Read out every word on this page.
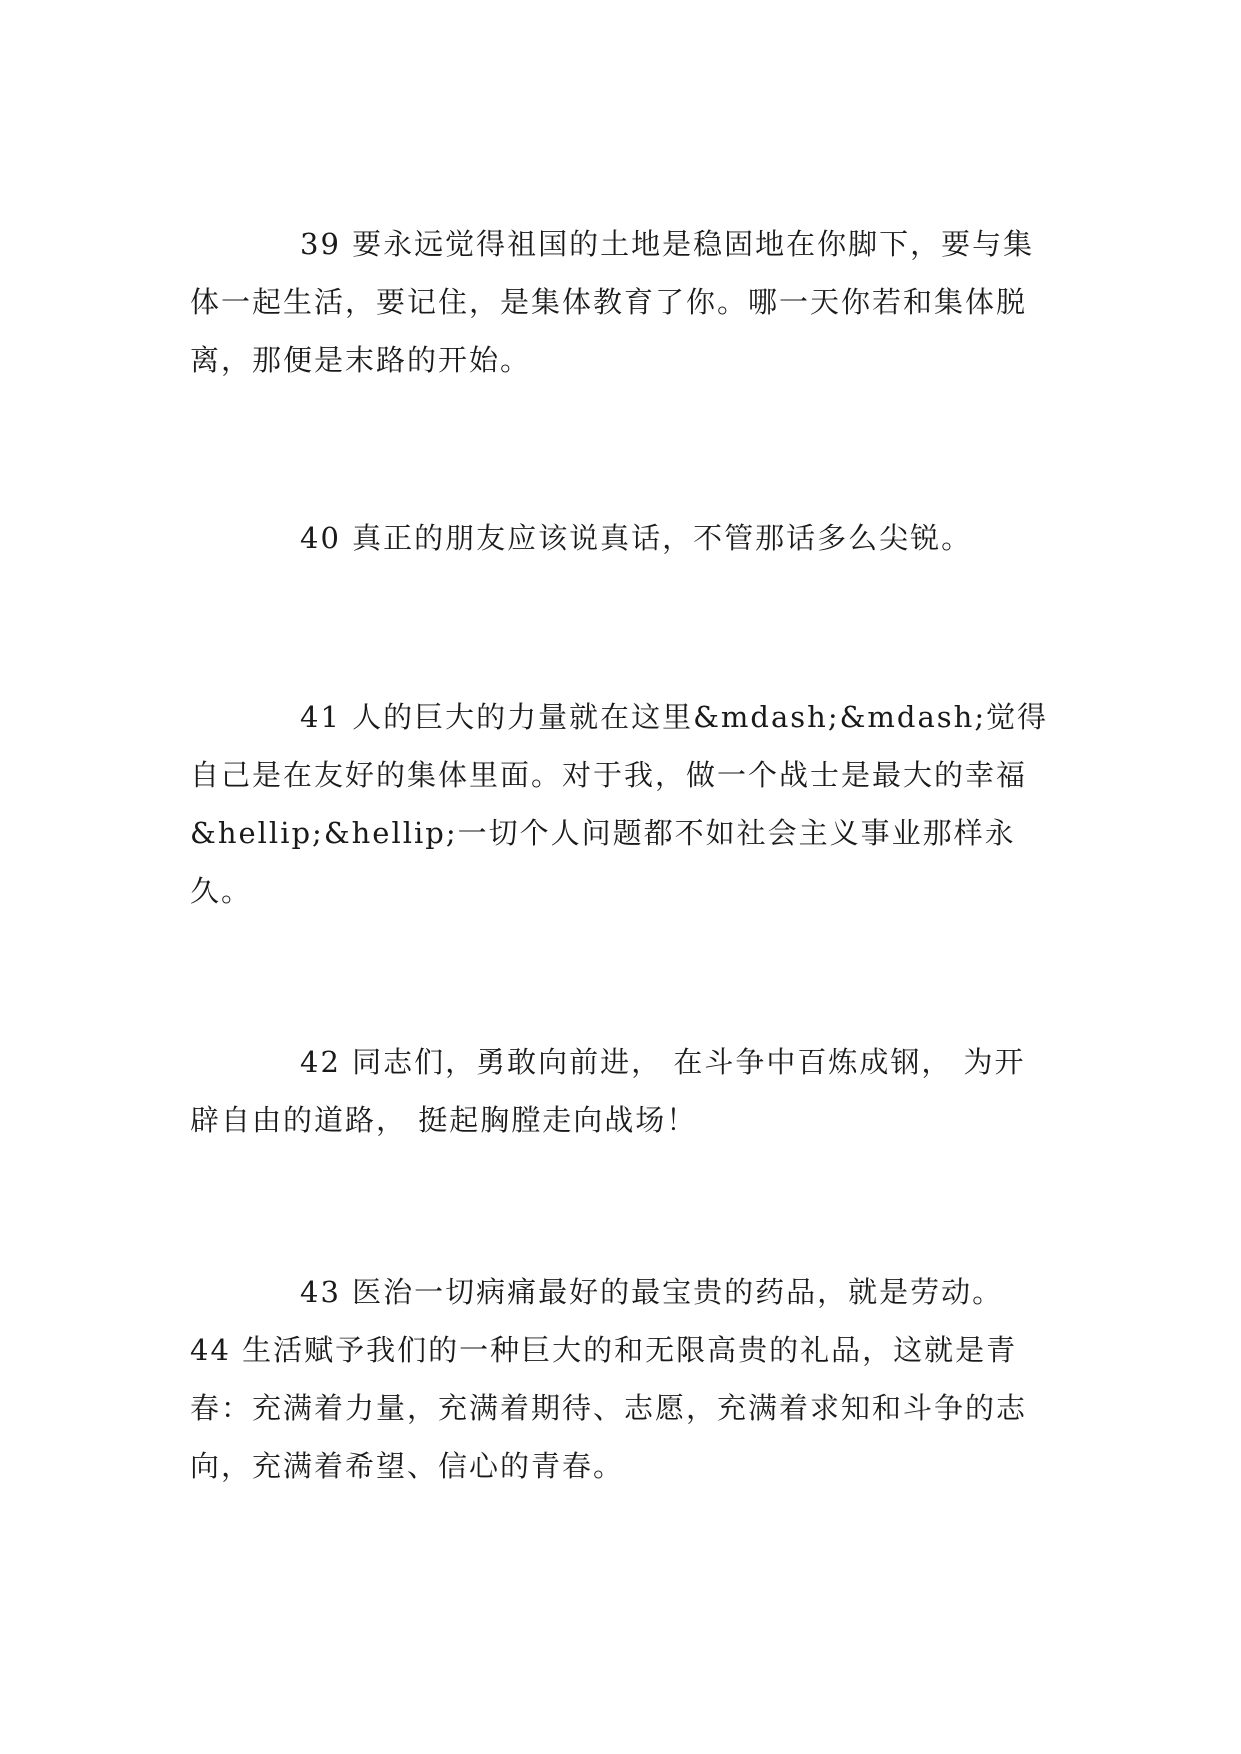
39 要永远觉得祖国的土地是稳固地在你脚下，要与集体一起生活，要记住，是集体教育了你。哪一天你若和集体脱离，那便是末路的开始。

40 真正的朋友应该说真话，不管那话多么尖锐。

41 人的巨大的力量就在这里&mdash;&mdash;觉得自己是在友好的集体里面。对于我，做一个战士是最大的幸福&hellip;&hellip;一切个人问题都不如社会主义事业那样永久。

42 同志们，勇敢向前进， 在斗争中百炼成钢， 为开辟自由的道路， 挺起胸膛走向战场！

43 医治一切病痛最好的最宝贵的药品，就是劳动。

44 生活赋予我们的一种巨大的和无限高贵的礼品，这就是青春：充满着力量，充满着期待、志愿，充满着求知和斗争的志向，充满着希望、信心的青春。
